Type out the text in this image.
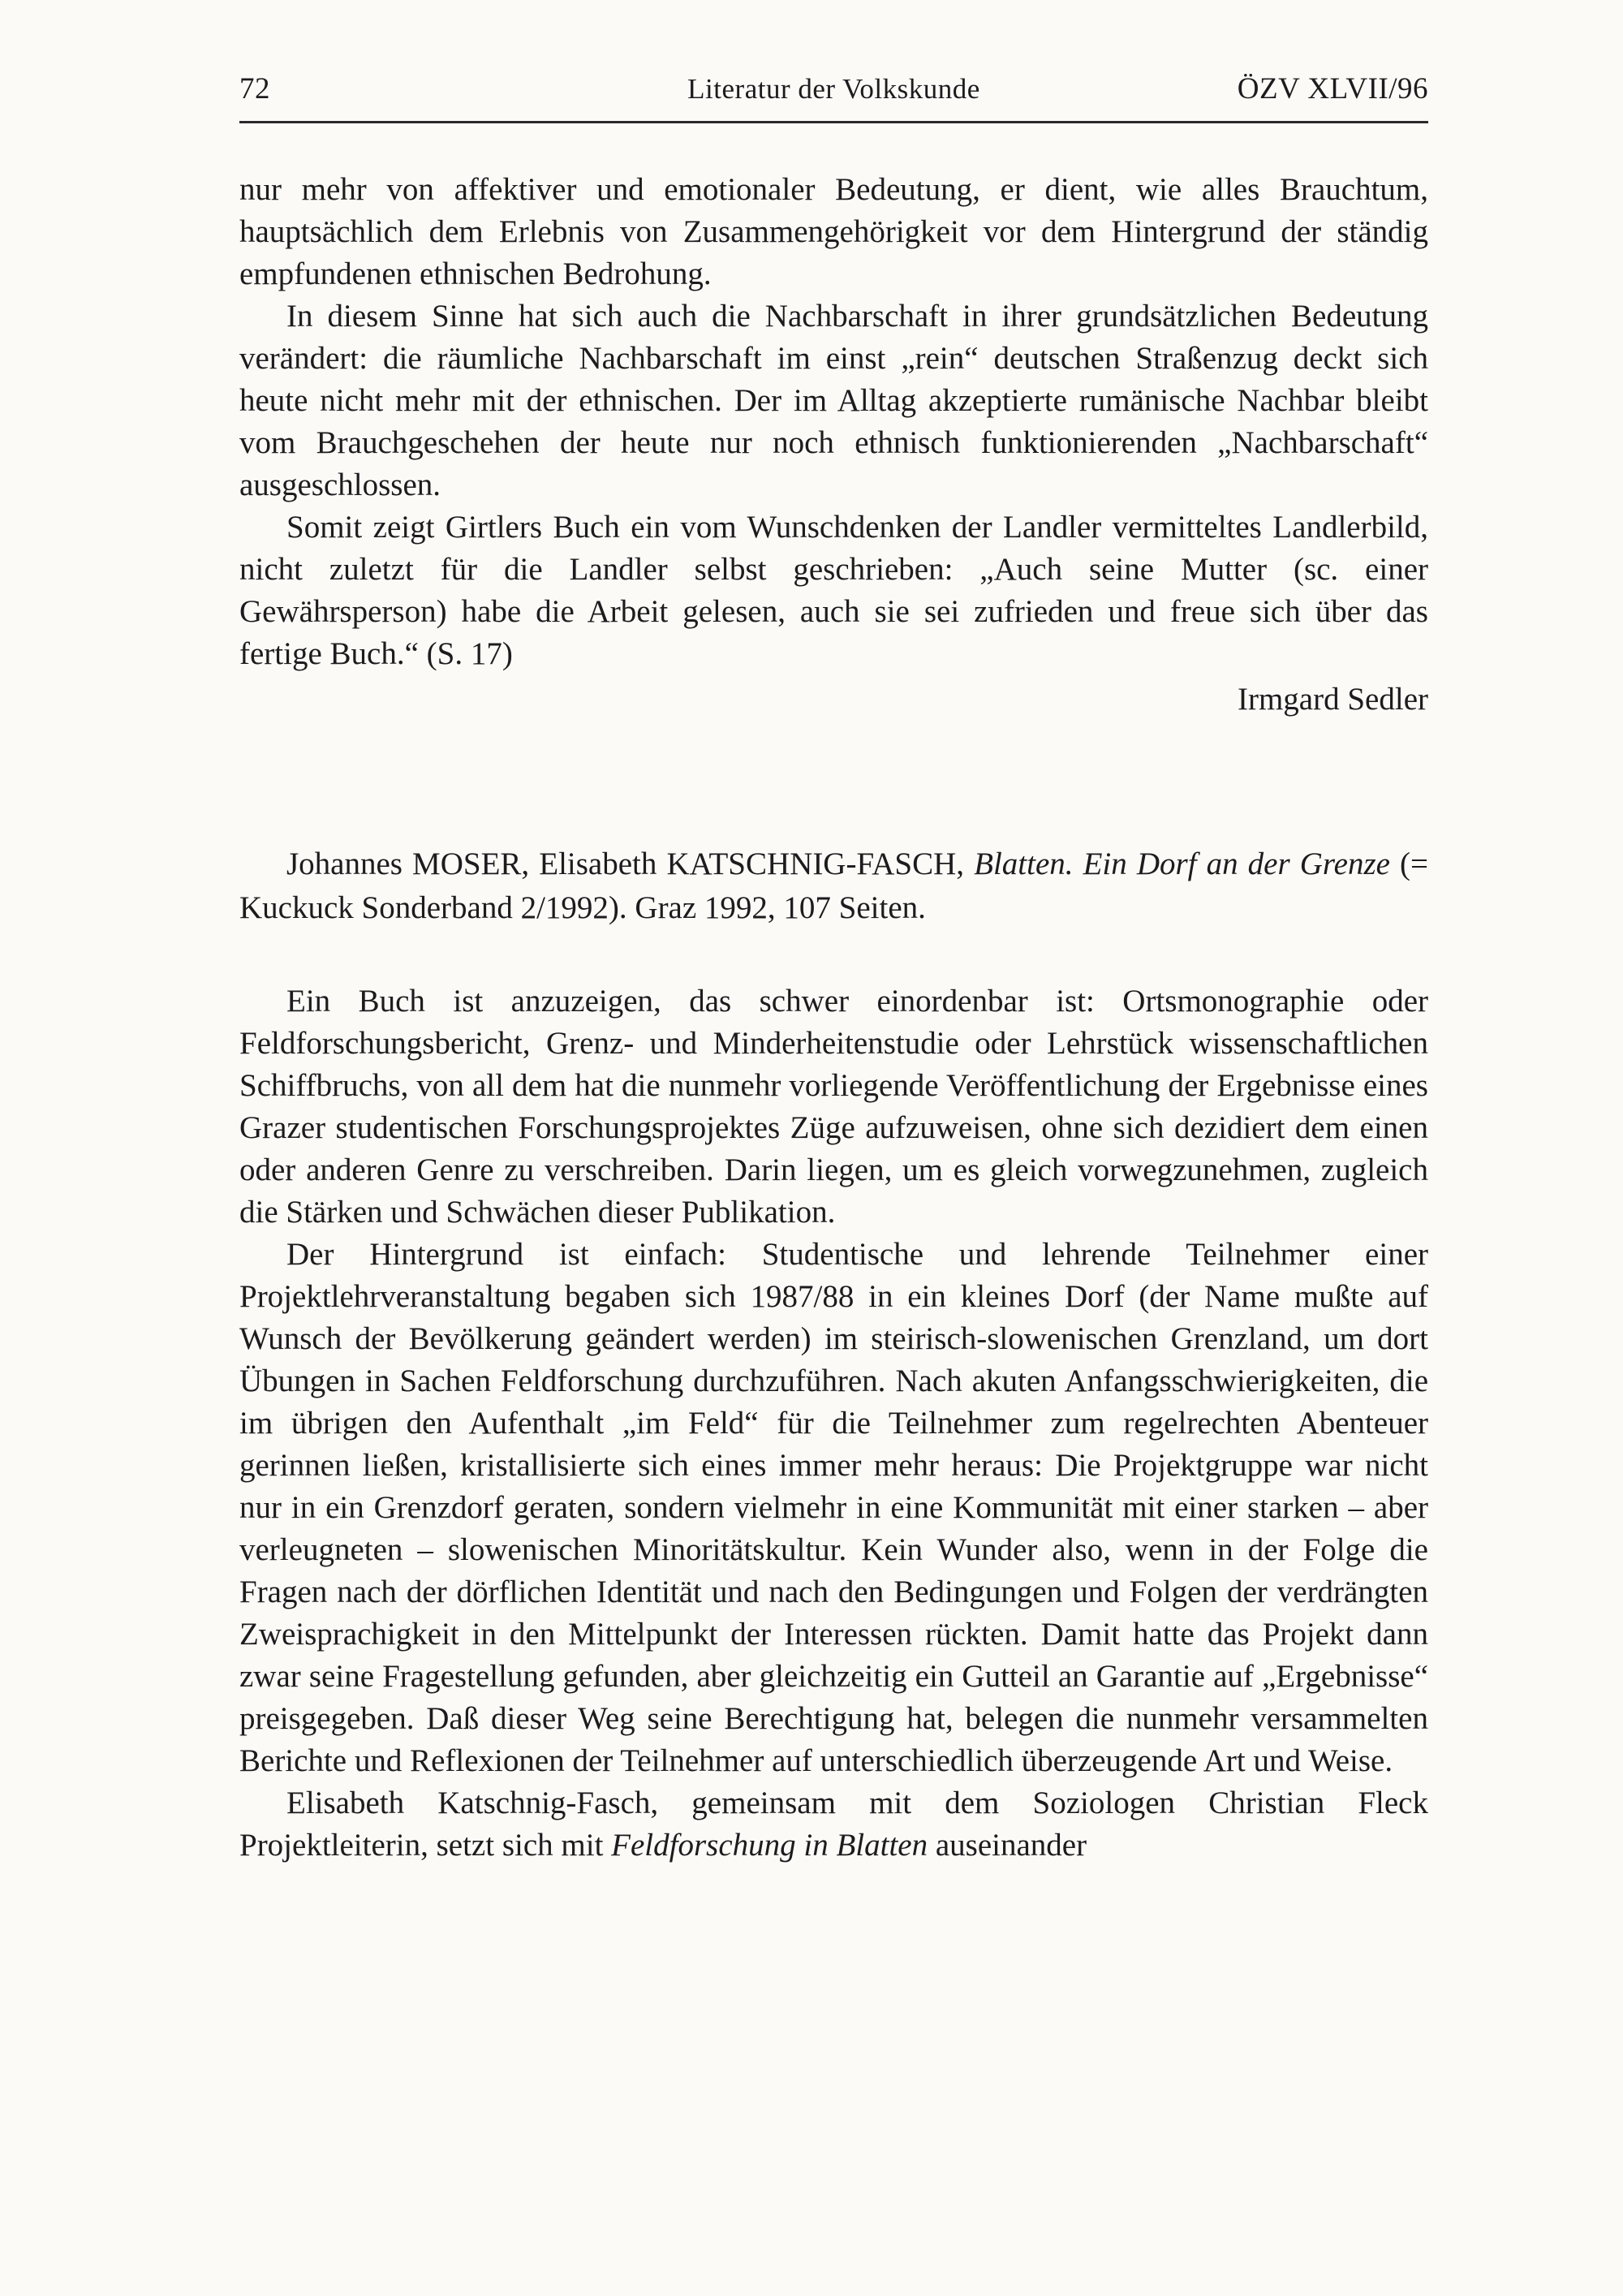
72	Literatur der Volkskunde	ÖZV XLVII/96

nur mehr von affektiver und emotionaler Bedeutung, er dient, wie alles Brauchtum, hauptsächlich dem Erlebnis von Zusammengehörigkeit vor dem Hintergrund der ständig empfundenen ethnischen Bedrohung.

In diesem Sinne hat sich auch die Nachbarschaft in ihrer grundsätzlichen Bedeutung verändert: die räumliche Nachbarschaft im einst „rein“ deutschen Straßenzug deckt sich heute nicht mehr mit der ethnischen. Der im Alltag akzeptierte rumänische Nachbar bleibt vom Brauchgeschehen der heute nur noch ethnisch funktionierenden „Nachbarschaft“ ausgeschlossen.

Somit zeigt Girtlers Buch ein vom Wunschdenken der Landler vermitteltes Landlerbild, nicht zuletzt für die Landler selbst geschrieben: „Auch seine Mutter (sc. einer Gewährsperson) habe die Arbeit gelesen, auch sie sei zufrieden und freue sich über das fertige Buch.“ (S. 17)

Irmgard Sedler

Johannes MOSER, Elisabeth KATSCHNIG-FASCH, Blatten. Ein Dorf an der Grenze (= Kuckuck Sonderband 2/1992). Graz 1992, 107 Seiten.

Ein Buch ist anzuzeigen, das schwer einordenbar ist: Ortsmonographie oder Feldforschungsbericht, Grenz- und Minderheitenstudie oder Lehrstück wissenschaftlichen Schiffbruchs, von all dem hat die nunmehr vorliegende Veröffentlichung der Ergebnisse eines Grazer studentischen Forschungsprojektes Züge aufzuweisen, ohne sich dezidiert dem einen oder anderen Genre zu verschreiben. Darin liegen, um es gleich vorwegzunehmen, zugleich die Stärken und Schwächen dieser Publikation.

Der Hintergrund ist einfach: Studentische und lehrende Teilnehmer einer Projektlehrveranstaltung begaben sich 1987/88 in ein kleines Dorf (der Name mußte auf Wunsch der Bevölkerung geändert werden) im steirisch-slowenischen Grenzland, um dort Übungen in Sachen Feldforschung durchzuführen. Nach akuten Anfangsschwierigkeiten, die im übrigen den Aufenthalt „im Feld“ für die Teilnehmer zum regelrechten Abenteuer gerinnen ließen, kristallisierte sich eines immer mehr heraus: Die Projektgruppe war nicht nur in ein Grenzdorf geraten, sondern vielmehr in eine Kommunität mit einer starken – aber verleugneten – slowenischen Minoritätskultur. Kein Wunder also, wenn in der Folge die Fragen nach der dörflichen Identität und nach den Bedingungen und Folgen der verdrängten Zweisprachigkeit in den Mittelpunkt der Interessen rückten. Damit hatte das Projekt dann zwar seine Fragestellung gefunden, aber gleichzeitig ein Gutteil an Garantie auf „Ergebnisse“ preisgegeben. Daß dieser Weg seine Berechtigung hat, belegen die nunmehr versammelten Berichte und Reflexionen der Teilnehmer auf unterschiedlich überzeugende Art und Weise.

Elisabeth Katschnig-Fasch, gemeinsam mit dem Soziologen Christian Fleck Projektleiterin, setzt sich mit Feldforschung in Blatten auseinander
